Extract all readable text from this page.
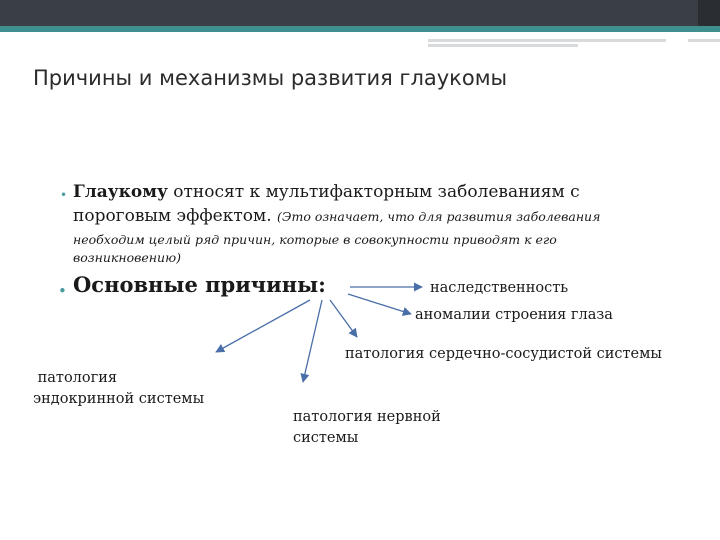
Причины и механизмы развития глаукомы
• Глаукому относят к мультифакторным заболеваниям с
пороговым эффектом. (Это означает, что для развития заболевания
необходим целый ряд причин, которые в совокупности приводят к его
возникновению)
• Основные причины:	наследственность
аномалии строения глаза
патология сердечно-сосудистой системы
патология
эндокринной системы
патология нервной
системы
